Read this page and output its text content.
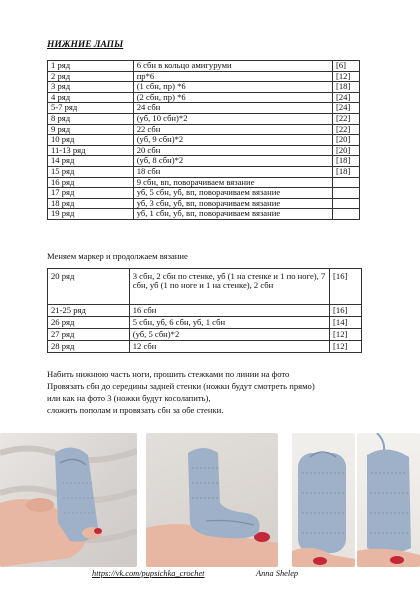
НИЖНИЕ ЛАПЫ
1 ряд	6 сбн в кольцо амигуруми	[6]
2 ряд	пр*6	[12]
3 ряд	(1 сбн, пр) *6	[18]
4 ряд	(2 сбн, пр) *6	[24]
5-7 ряд	24 сбн	[24]
8 ряд	(уб, 10 сбн)*2	[22]
9 ряд	22 сбн	[22]
10 ряд	(уб, 9 сбн)*2	[20]
11-13 ряд	20 сбн	[20]
14 ряд	(уб, 8 сбн)*2	[18]
15 ряд	18 сбн	[18]
16 ряд	9 сбн, вп, поворачиваем вязание	
17 ряд	уб, 5 сбн, уб, вп, поворачиваем вязание	
18 ряд	уб, 3 сбн, уб, вп, поворачиваем вязание	
19 ряд	уб, 1 сбн, уб, вп, поворачиваем вязание	
Меняем маркер и продолжаем вязание
20 ряд	3 сбн, 2 сбн по стенке, уб (1 на стенке и 1 по ноге), 7 сбн, уб (1 по ноге и 1 на стенке), 2 сбн	[16]
21-25 ряд	16 сбн	[16]
26 ряд	5 сбн, уб, 6 сбн, уб, 1 сбн	[14]
27 ряд	(уб, 5 сбн)*2	[12]
28 ряд	12 сбн	[12]
Набить нижнюю часть ноги, прошить стежками по линии на фото
Провязать сбн до середины задней стенки (ножки будут смотреть прямо)
или как на фото 3 (ножки будут косолапить),
сложить пополам и провязать сбн за обе стенки.
https://vk.com/pupsichka_crochet	Anna Shelep
